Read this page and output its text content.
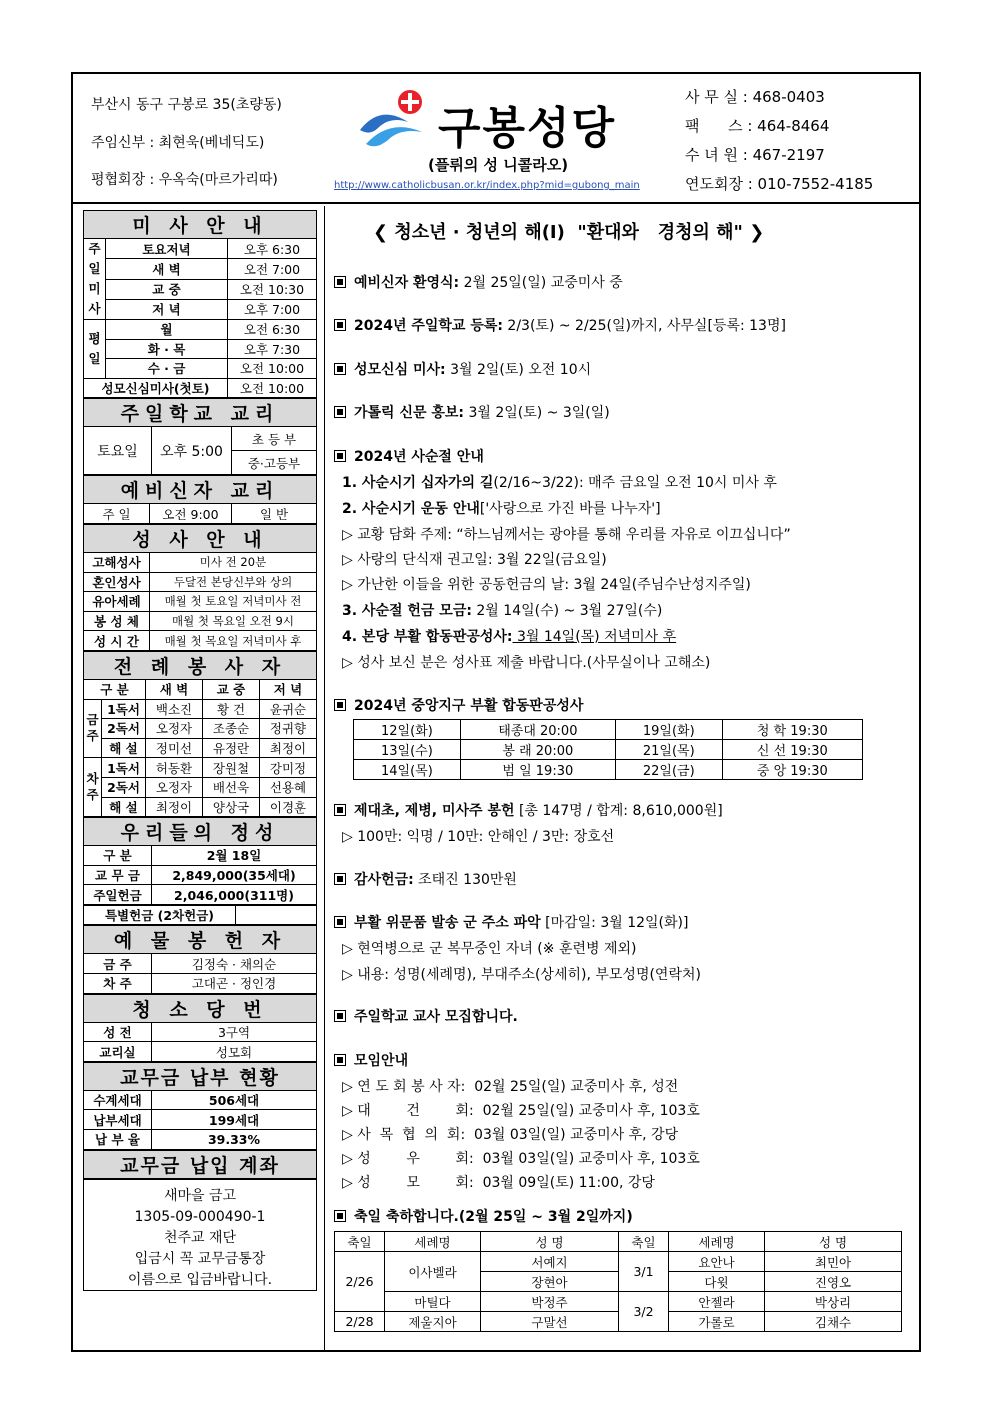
부산시 동구 구봉로 35(초량동)
주임신부 : 최현욱(베네딕도)
평협회장 : 우옥숙(마르가리따)
구봉성당
(플뤼의 성 니콜라오)
http://www.catholicbusan.or.kr/index.php?mid=gubong_main
사 무 실 : 468-0403
팩      스 : 464-8464
수 녀 원 : 467-2197
연도회장 : 010-7552-4185
미 사 안 내		
주일미사	토요저녁	오후 6:30
	새 벽	오전 7:00
	교 중	오전 10:30
	저 녁	오후 7:00

평일	월	오전 6:30
	화 · 목	오후 7:30
	수 · 금	오전 10:00
성모신심미사(첫토)		오전 10:00
주일학교 교리
토요일	오후 5:00	초 등 부
중·고등부
예비신자 교리
주 일	오전 9:00	일 반
성 사 안 내	
고해성사	미사 전 20분
혼인성사	두달전 본당신부와 상의
유아세례	매월 첫 토요일 저녁미사 전
봉 성 체	매월 첫 목요일 오전 9시
성 시 간	매월 첫 목요일 저녁미사 후
전 례 봉 사 자				
구 분		새 벽	교 중	저 녁
금주	1독서	백소진	황 건	윤귀순
	2독서	오정자	조종순	정귀향
	해 설	정미선	유정란	최정이
차주	1독서	허동환	장원철	강미정
	2독서	오정자	배선욱	선용혜
	해 설	최정이	양상국	이경훈
우리들의 정성	
구 분	2월 18일
교 무 금	2,849,000(35세대)
주일헌금	2,046,000(311명)
특별헌금 (2차헌금)	
예 물 봉 헌 자	
금 주	김정숙 · 채의순
차 주	고대곤 · 정인경
청 소 당 번	
성 전	3구역
교리실	성모회
교무금 납부 현황	
수계세대	506세대
납부세대	199세대
납 부 율	39.33%
교무금 납입 계좌
새마을 금고
1305-09-000490-1
천주교 재단
입금시 꼭 교무금통장
이름으로 입금바랍니다.
❮ 청소년 · 청년의 해(I)  "환대와   경청의 해" ❯
예비신자 환영식: 2월 25일(일) 교중미사 중
2024년 주일학교 등록: 2/3(토) ~ 2/25(일)까지, 사무실[등록: 13명]
성모신심 미사: 3월 2일(토) 오전 10시
가톨릭 신문 홍보: 3월 2일(토) ~ 3일(일)
2024년 사순절 안내
1. 사순시기 십자가의 길(2/16~3/22): 매주 금요일 오전 10시 미사 후
2. 사순시기 운동 안내['사랑으로 가진 바를 나누자']
▷ 교황 담화 주제: “하느님께서는 광야를 통해 우리를 자유로 이끄십니다”
▷ 사랑의 단식재 권고일: 3월 22일(금요일)
▷ 가난한 이들을 위한 공동헌금의 날: 3월 24일(주님수난성지주일)
3. 사순절 헌금 모금: 2월 14일(수) ~ 3월 27일(수)
4. 본당 부활 합동판공성사: 3월 14일(목) 저녁미사 후
▷ 성사 보신 분은 성사표 제출 바랍니다.(사무실이나 고해소)
2024년 중앙지구 부활 합동판공성사
12일(화)	태종대 20:00	19일(화)	청 학 19:30
13일(수)	봉 래 20:00	21일(목)	신 선 19:30
14일(목)	범 일 19:30	22일(금)	중 앙 19:30
제대초, 제병, 미사주 봉헌 [총 147명 / 합계: 8,610,000원]
▷ 100만: 익명 / 10만: 안해인 / 3만: 장호선
감사헌금: 조태진 130만원
부활 위문품 발송 군 주소 파악 [마감일: 3월 12일(화)]
▷ 현역병으로 군 복무중인 자녀 (※ 훈련병 제외)
▷ 내용: 성명(세례명), 부대주소(상세히), 부모성명(연락처)
주일학교 교사 모집합니다.
모임안내
▷ 연 도 회 봉 사 자:  02월 25일(일) 교중미사 후, 성전
▷ 대        건        회:  02월 25일(일) 교중미사 후, 103호
▷ 사  목  협  의  회:  03월 03일(일) 교중미사 후, 강당
▷ 성        우        회:  03월 03일(일) 교중미사 후, 103호
▷ 성        모        회:  03월 09일(토) 11:00, 강당
축일 축하합니다.(2월 25일 ~ 3월 2일까지)
축일	세례명	성 명	축일	세례명	성 명
2/26	이사벨라	서예지	3/1	요안나	최민아
		장현아		다윗	진영오
	마틸다	박정주	3/2	안젤라	박상리
2/28	제울지아	구말선		가롤로	김채수
